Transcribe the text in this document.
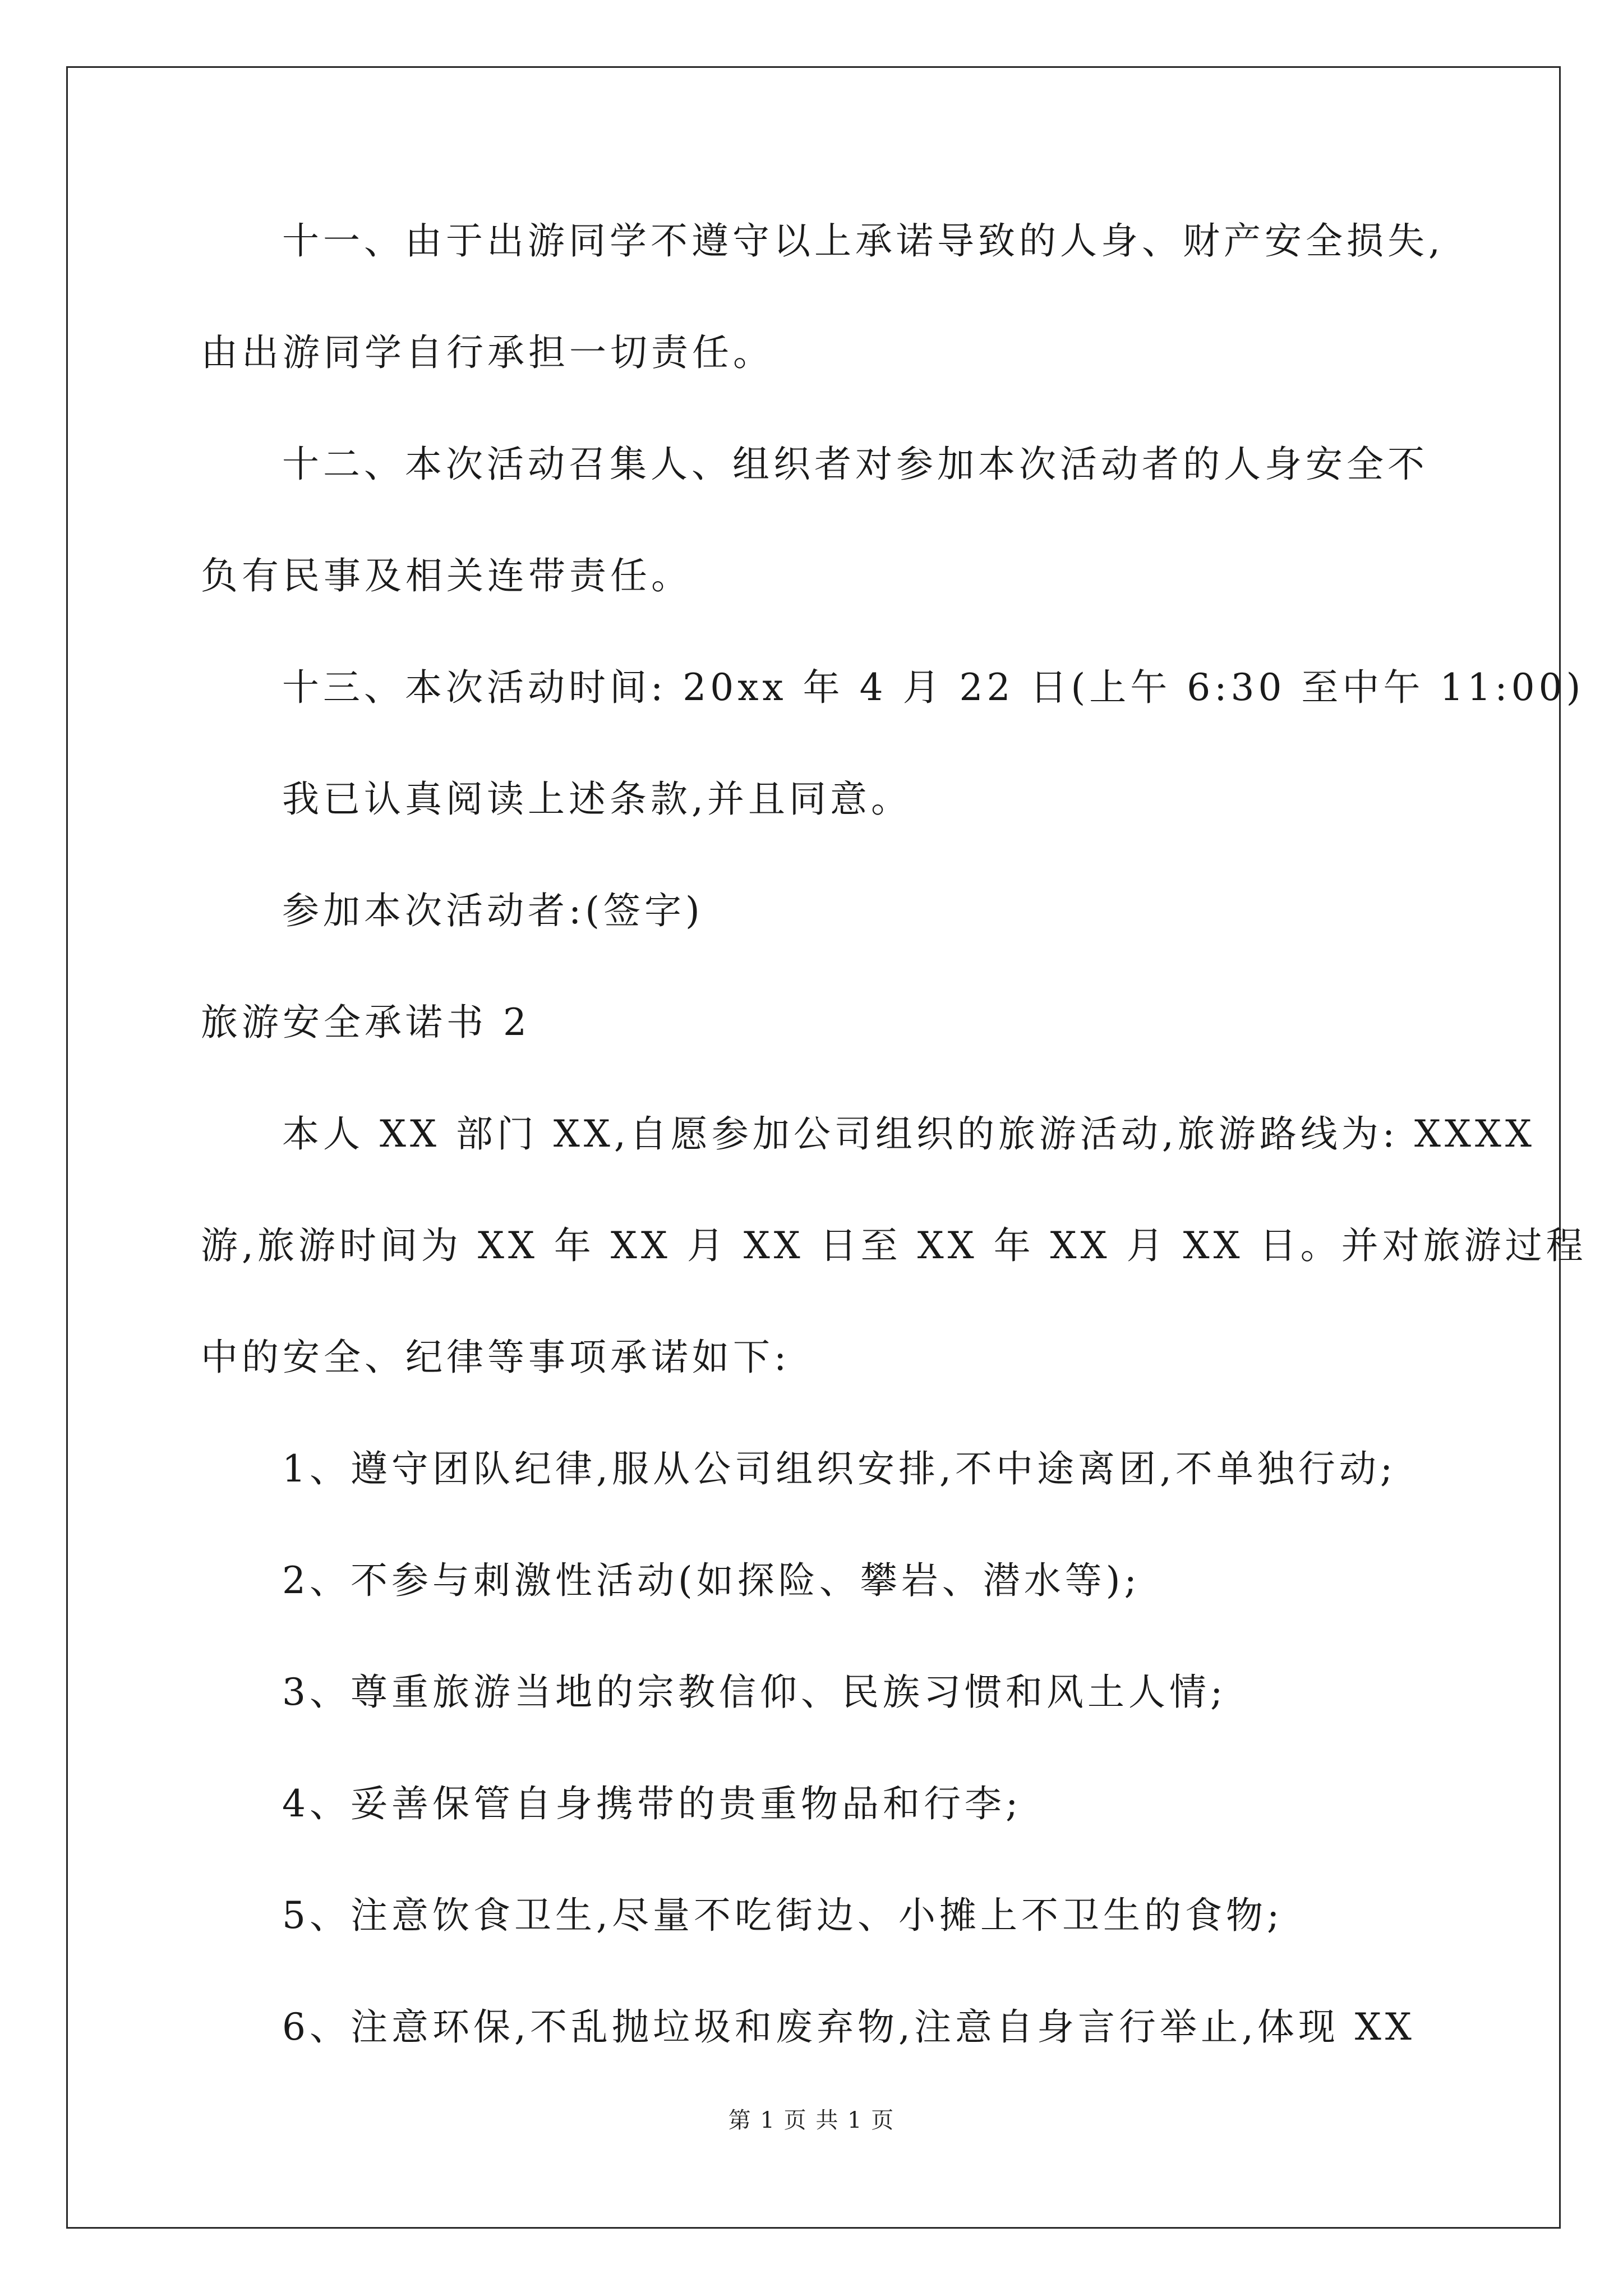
十一、由于出游同学不遵守以上承诺导致的人身、财产安全损失,
由出游同学自行承担一切责任。
十二、本次活动召集人、组织者对参加本次活动者的人身安全不
负有民事及相关连带责任。
十三、本次活动时间: 20xx 年 4 月 22 日(上午 6:30 至中午 11:00)
我已认真阅读上述条款,并且同意。
参加本次活动者:(签字)
旅游安全承诺书 2
本人 XX 部门 XX,自愿参加公司组织的旅游活动,旅游路线为: XXXX
游,旅游时间为 XX 年 XX 月 XX 日至 XX 年 XX 月 XX 日。并对旅游过程
中的安全、纪律等事项承诺如下:
1、遵守团队纪律,服从公司组织安排,不中途离团,不单独行动;
2、不参与刺激性活动(如探险、攀岩、潜水等);
3、尊重旅游当地的宗教信仰、民族习惯和风土人情;
4、妥善保管自身携带的贵重物品和行李;
5、注意饮食卫生,尽量不吃街边、小摊上不卫生的食物;
6、注意环保,不乱抛垃圾和废弃物,注意自身言行举止,体现 XX
第 1 页 共 1 页
